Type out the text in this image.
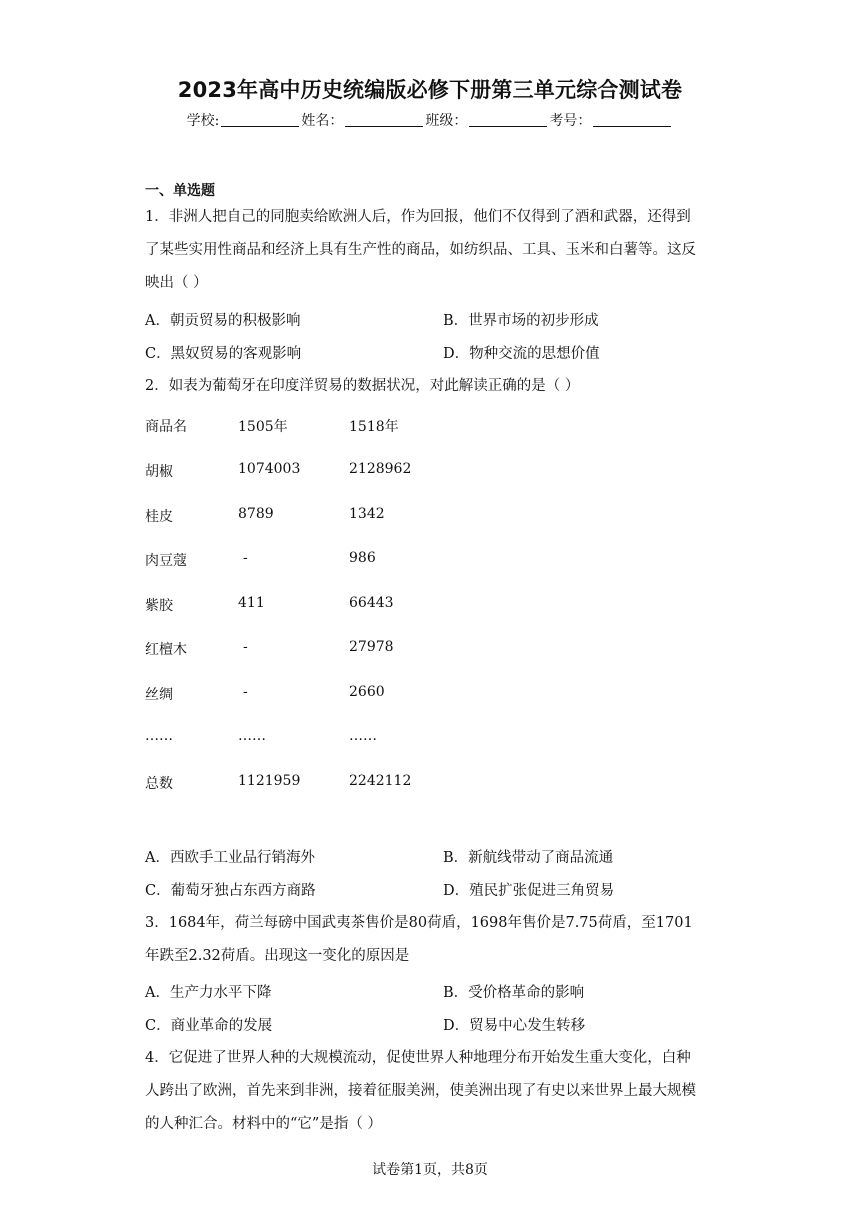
2023年高中历史统编版必修下册第三单元综合测试卷
学校:	姓名：	班级：	考号：
一、单选题
1．非洲人把自己的同胞卖给欧洲人后，作为回报，他们不仅得到了酒和武器，还得到
了某些实用性商品和经济上具有生产性的商品，如纺织品、工具、玉米和白薯等。这反
映出（ ）
A．朝贡贸易的积极影响	B．世界市场的初步形成
C．黑奴贸易的客观影响	D．物种交流的思想价值
2．如表为葡萄牙在印度洋贸易的数据状况，对此解读正确的是（ ）
商品名	1505年	1518年
胡椒	1074003	2128962
桂皮	8789	1342
肉豆蔻	-	986
紫胶	411	66443
红檀木	-	27978
丝绸	-	2660
……	……	……
总数	1121959	2242112
A．西欧手工业品行销海外	B．新航线带动了商品流通
C．葡萄牙独占东西方商路	D．殖民扩张促进三角贸易
3．1684年，荷兰每磅中国武夷茶售价是80荷盾，1698年售价是7.75荷盾，至1701
年跌至2.32荷盾。出现这一变化的原因是
A．生产力水平下降	B．受价格革命的影响
C．商业革命的发展	D．贸易中心发生转移
4．它促进了世界人种的大规模流动，促使世界人种地理分布开始发生重大变化，白种
人跨出了欧洲，首先来到非洲，接着征服美洲，使美洲出现了有史以来世界上最大规模
的人种汇合。材料中的“它”是指（ ）
试卷第1页，共8页
